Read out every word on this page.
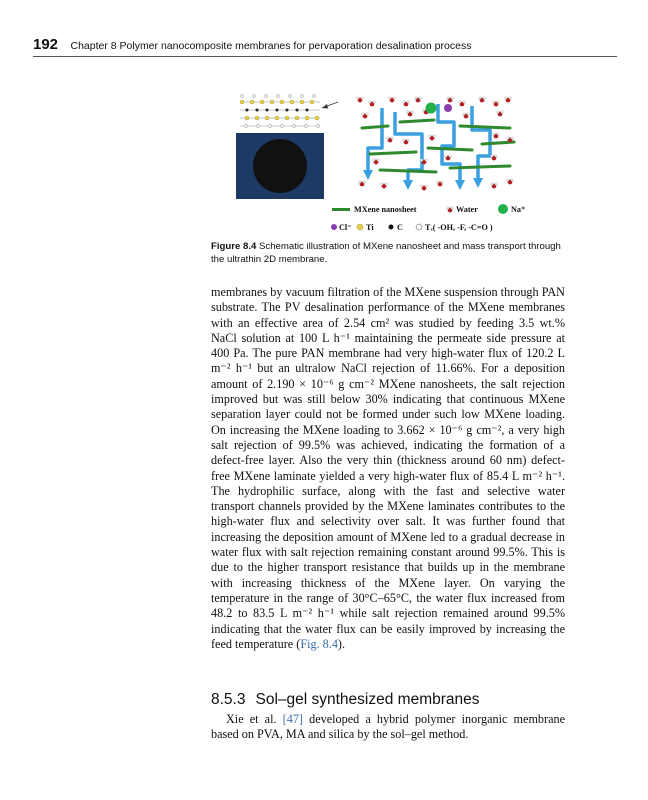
192 Chapter 8 Polymer nanocomposite membranes for pervaporation desalination process
MXene nanosheet	Water	Na⁺
Cl⁻ Ti	C	Tₓ( -OH, -F, -C=O )
Figure 8.4 Schematic illustration of MXene nanosheet and mass transport through the ultrathin 2D membrane.

membranes by vacuum filtration of the MXene suspension through PAN substrate. The PV desalination performance of the MXene membranes with an effective area of 2.54 cm² was studied by feeding 3.5 wt.% NaCl solution at 100 L h⁻¹ maintaining the permeate side pressure at 400 Pa. The pure PAN membrane had very high-water flux of 120.2 L m⁻² h⁻¹ but an ultralow NaCl rejection of 11.66%. For a deposition amount of 2.190 × 10⁻⁶ g cm⁻² MXene nanosheets, the salt rejection improved but was still below 30% indicating that continuous MXene separation layer could not be formed under such low MXene loading. On increasing the MXene loading to 3.662 × 10⁻⁶ g cm⁻², a very high salt rejection of 99.5% was achieved, indicating the formation of a defect-free layer. Also the very thin (thickness around 60 nm) defect-free MXene laminate yielded a very high-water flux of 85.4 L m⁻² h⁻¹. The hydrophilic surface, along with the fast and selective water transport channels provided by the MXene laminates contributes to the high-water flux and selectivity over salt. It was further found that increasing the deposition amount of MXene led to a gradual decrease in water flux with salt rejection remaining constant around 99.5%. This is due to the higher transport resistance that builds up in the membrane with increasing thickness of the MXene layer. On varying the temperature in the range of 30°C–65°C, the water flux increased from 48.2 to 83.5 L m⁻² h⁻¹ while salt rejection remained around 99.5% indicating that the water flux can be easily improved by increasing the feed temperature (Fig. 8.4).

8.5.3 Sol–gel synthesized membranes

Xie et al. [47] developed a hybrid polymer inorganic membrane based on PVA, MA and silica by the sol–gel method.
